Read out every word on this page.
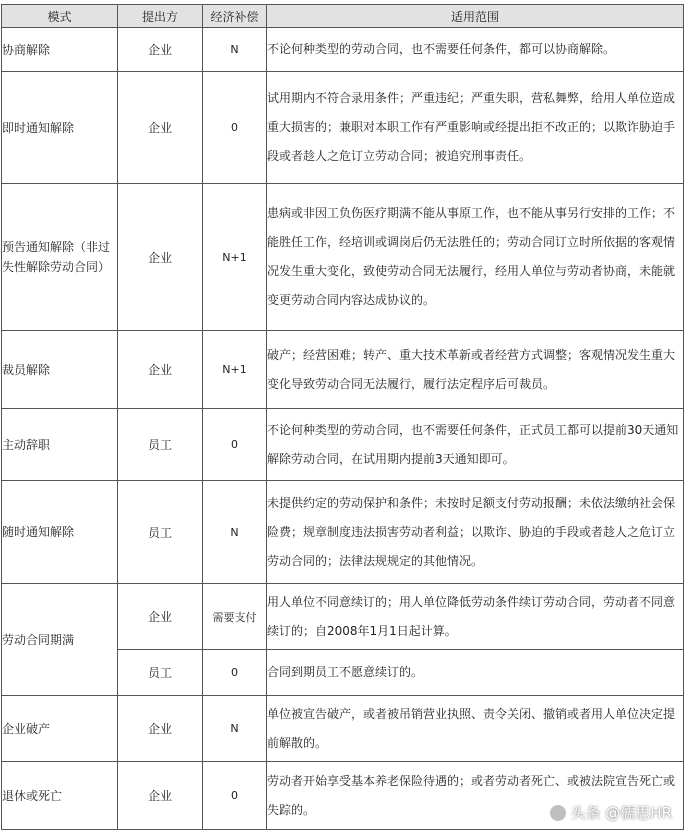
模式	提出方	经济补偿	适用范围
协商解除	企业	N	不论何种类型的劳动合同，也不需要任何条件，都可以协商解除。
即时通知解除	企业	0	试用期内不符合录用条件；严重违纪；严重失职，营私舞弊，给用人单位造成重大损害的；兼职对本职工作有严重影响或经提出拒不改正的；以欺诈胁迫手段或者趁人之危订立劳动合同；被追究刑事责任。
预告通知解除（非过失性解除劳动合同）	企业	N+1	患病或非因工负伤医疗期满不能从事原工作，也不能从事另行安排的工作；不能胜任工作，经培训或调岗后仍无法胜任的；劳动合同订立时所依据的客观情况发生重大变化，致使劳动合同无法履行，经用人单位与劳动者协商，未能就变更劳动合同内容达成协议的。
裁员解除	企业	N+1	破产；经营困难；转产、重大技术革新或者经营方式调整；客观情况发生重大变化导致劳动合同无法履行，履行法定程序后可裁员。
主动辞职	员工	0	不论何种类型的劳动合同，也不需要任何条件，正式员工都可以提前30天通知解除劳动合同，在试用期内提前3天通知即可。
随时通知解除	员工	N	未提供约定的劳动保护和条件；未按时足额支付劳动报酬；未依法缴纳社会保险费；规章制度违法损害劳动者利益；以欺诈、胁迫的手段或者趁人之危订立劳动合同的；法律法规规定的其他情况。
劳动合同期满	企业	需要支付	用人单位不同意续订的；用人单位降低劳动条件续订劳动合同，劳动者不同意续订的；自2008年1月1日起计算。
	员工	0	合同到期员工不愿意续订的。
企业破产	企业	N	单位被宣告破产，或者被吊销营业执照、责令关闭、撤销或者用人单位决定提前解散的。
退休或死亡	企业	0	劳动者开始享受基本养老保险待遇的；或者劳动者死亡、或被法院宣告死亡或失踪的。	头条 @儒思HR
